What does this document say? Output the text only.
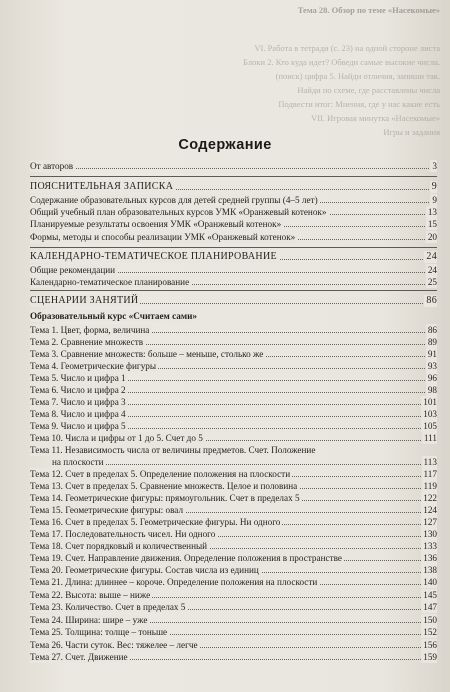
Тема 28. Обзор по теме «Насекомые»
VI. Работа в тетради (с. 23) на одной стороне листа
Блоки 2. Кто куда идет? Обведи самые высокие числа.
(поиск) цифра 5. Найди отличия, запиши так.
Найди по схеме, где расставлены числа
Подвести итог: Мнения, где у нас какие есть
VII. Игровая минутка «Насекомые»
Игры и задания
Содержание
От авторов	3
ПОЯСНИТЕЛЬНАЯ ЗАПИСКА	9
Содержание образовательных курсов для детей средней группы (4–5 лет)	9
Общий учебный план образовательных курсов УМК «Оранжевый котенок»	13
Планируемые результаты освоения УМК «Оранжевый котенок»	15
Формы, методы и способы реализации УМК «Оранжевый котенок»	20
КАЛЕНДАРНО-ТЕМАТИЧЕСКОЕ ПЛАНИРОВАНИЕ	24
Общие рекомендации	24
Календарно-тематическое планирование	25
СЦЕНАРИИ ЗАНЯТИЙ	86
Образовательный курс «Считаем сами»
Тема 1. Цвет, форма, величина	86
Тема 2. Сравнение множеств	89
Тема 3. Сравнение множеств: больше – меньше, столько же	91
Тема 4. Геометрические фигуры	93
Тема 5. Число и цифра 1	96
Тема 6. Число и цифра 2	98
Тема 7. Число и цифра 3	101
Тема 8. Число и цифра 4	103
Тема 9. Число и цифра 5	105
Тема 10. Числа и цифры от 1 до 5. Счет до 5	111
Тема 11. Независимость числа от величины предметов. Счет. Положение
на плоскости	113
Тема 12. Счет в пределах 5. Определение положения на плоскости	117
Тема 13. Счет в пределах 5. Сравнение множеств. Целое и половина	119
Тема 14. Геометрические фигуры: прямоугольник. Счет в пределах 5	122
Тема 15. Геометрические фигуры: овал	124
Тема 16. Счет в пределах 5. Геометрические фигуры. Ни одного	127
Тема 17. Последовательность чисел. Ни одного	130
Тема 18. Счет порядковый и количественный	133
Тема 19. Счет. Направление движения. Определение положения в пространстве	136
Тема 20. Геометрические фигуры. Состав числа из единиц	138
Тема 21. Длина: длиннее – короче. Определение положения на плоскости	140
Тема 22. Высота: выше – ниже	145
Тема 23. Количество. Счет в пределах 5	147
Тема 24. Ширина: шире – уже	150
Тема 25. Толщина: толще – тоньше	152
Тема 26. Части суток. Вес: тяжелее – легче	156
Тема 27. Счет. Движение	159
